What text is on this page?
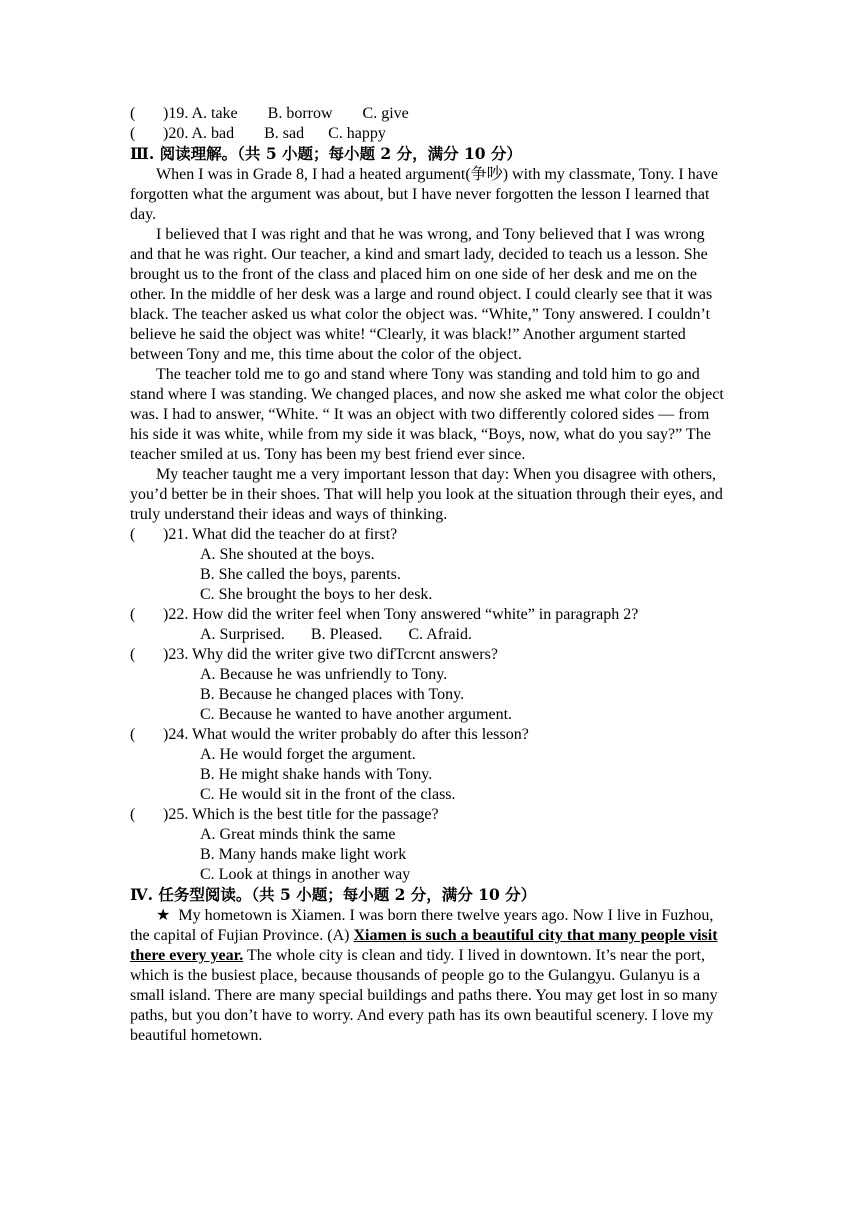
( )19. A. take B. borrow C. give
( )20. A. bad B. sad C. happy
Ⅲ. 阅读理解。（共 5 小题；每小题 2 分，满分 10 分）

When I was in Grade 8, I had a heated argument(争吵) with my classmate, Tony. I have forgotten what the argument was about, but I have never forgotten the lesson I learned that day.

I believed that I was right and that he was wrong, and Tony believed that I was wrong and that he was right. Our teacher, a kind and smart lady, decided to teach us a lesson. She brought us to the front of the class and placed him on one side of her desk and me on the other. In the middle of her desk was a large and round object. I could clearly see that it was black. The teacher asked us what color the object was. “White,” Tony answered. I couldn’t believe he said the object was white! “Clearly, it was black!” Another argument started between Tony and me, this time about the color of the object.

The teacher told me to go and stand where Tony was standing and told him to go and stand where I was standing. We changed places, and now she asked me what color the object was. I had to answer, “White. “ It was an object with two differently colored sides — from his side it was white, while from my side it was black, “Boys, now, what do you say?” The teacher smiled at us. Tony has been my best friend ever since.

My teacher taught me a very important lesson that day: When you disagree with others, you’d better be in their shoes. That will help you look at the situation through their eyes, and truly understand their ideas and ways of thinking.

( )21. What did the teacher do at first?
A. She shouted at the boys.
B. She called the boys, parents.
C. She brought the boys to her desk.
( )22. How did the writer feel when Tony answered “white” in paragraph 2?
A. Surprised. B. Pleased. C. Afraid.
( )23. Why did the writer give two difTcrcnt answers?
A. Because he was unfriendly to Tony.
B. Because he changed places with Tony.
C. Because he wanted to have another argument.
( )24. What would the writer probably do after this lesson?
A. He would forget the argument.
B. He might shake hands with Tony.
C. He would sit in the front of the class.
( )25. Which is the best title for the passage?
A. Great minds think the same
B. Many hands make light work
C. Look at things in another way
Ⅳ. 任务型阅读。（共 5 小题；每小题 2 分，满分 10 分）

★ My hometown is Xiamen. I was born there twelve years ago. Now I live in Fuzhou, the capital of Fujian Province. (A) Xiamen is such a beautiful city that many people visit there every year. The whole city is clean and tidy. I lived in downtown. It’s near the port, which is the busiest place, because thousands of people go to the Gulangyu. Gulanyu is a small island. There are many special buildings and paths there. You may get lost in so many paths, but you don’t have to worry. And every path has its own beautiful scenery. I love my beautiful hometown.
